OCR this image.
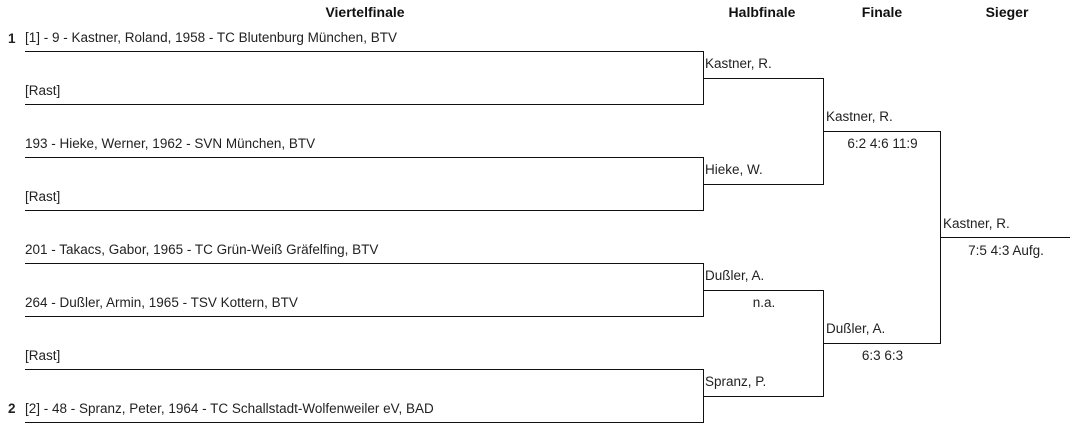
Viertelfinale	Halbfinale	Finale	Sieger
1
2
[1] - 9 - Kastner, Roland, 1958 - TC Blutenburg München, BTV
[Rast]
193 - Hieke, Werner, 1962 - SVN München, BTV
[Rast]
201 - Takacs, Gabor, 1965 - TC Grün-Weiß Gräfelfing, BTV
264 - Dußler, Armin, 1965 - TSV Kottern, BTV
[Rast]
[2] - 48 - Spranz, Peter, 1964 - TC Schallstadt-Wolfenweiler eV, BAD
Kastner, R.
Hieke, W.
Dußler, A.
n.a.
Spranz, P.
Kastner, R.
6:2 4:6 11:9
Dußler, A.
6:3 6:3
Kastner, R.
7:5 4:3 Aufg.
